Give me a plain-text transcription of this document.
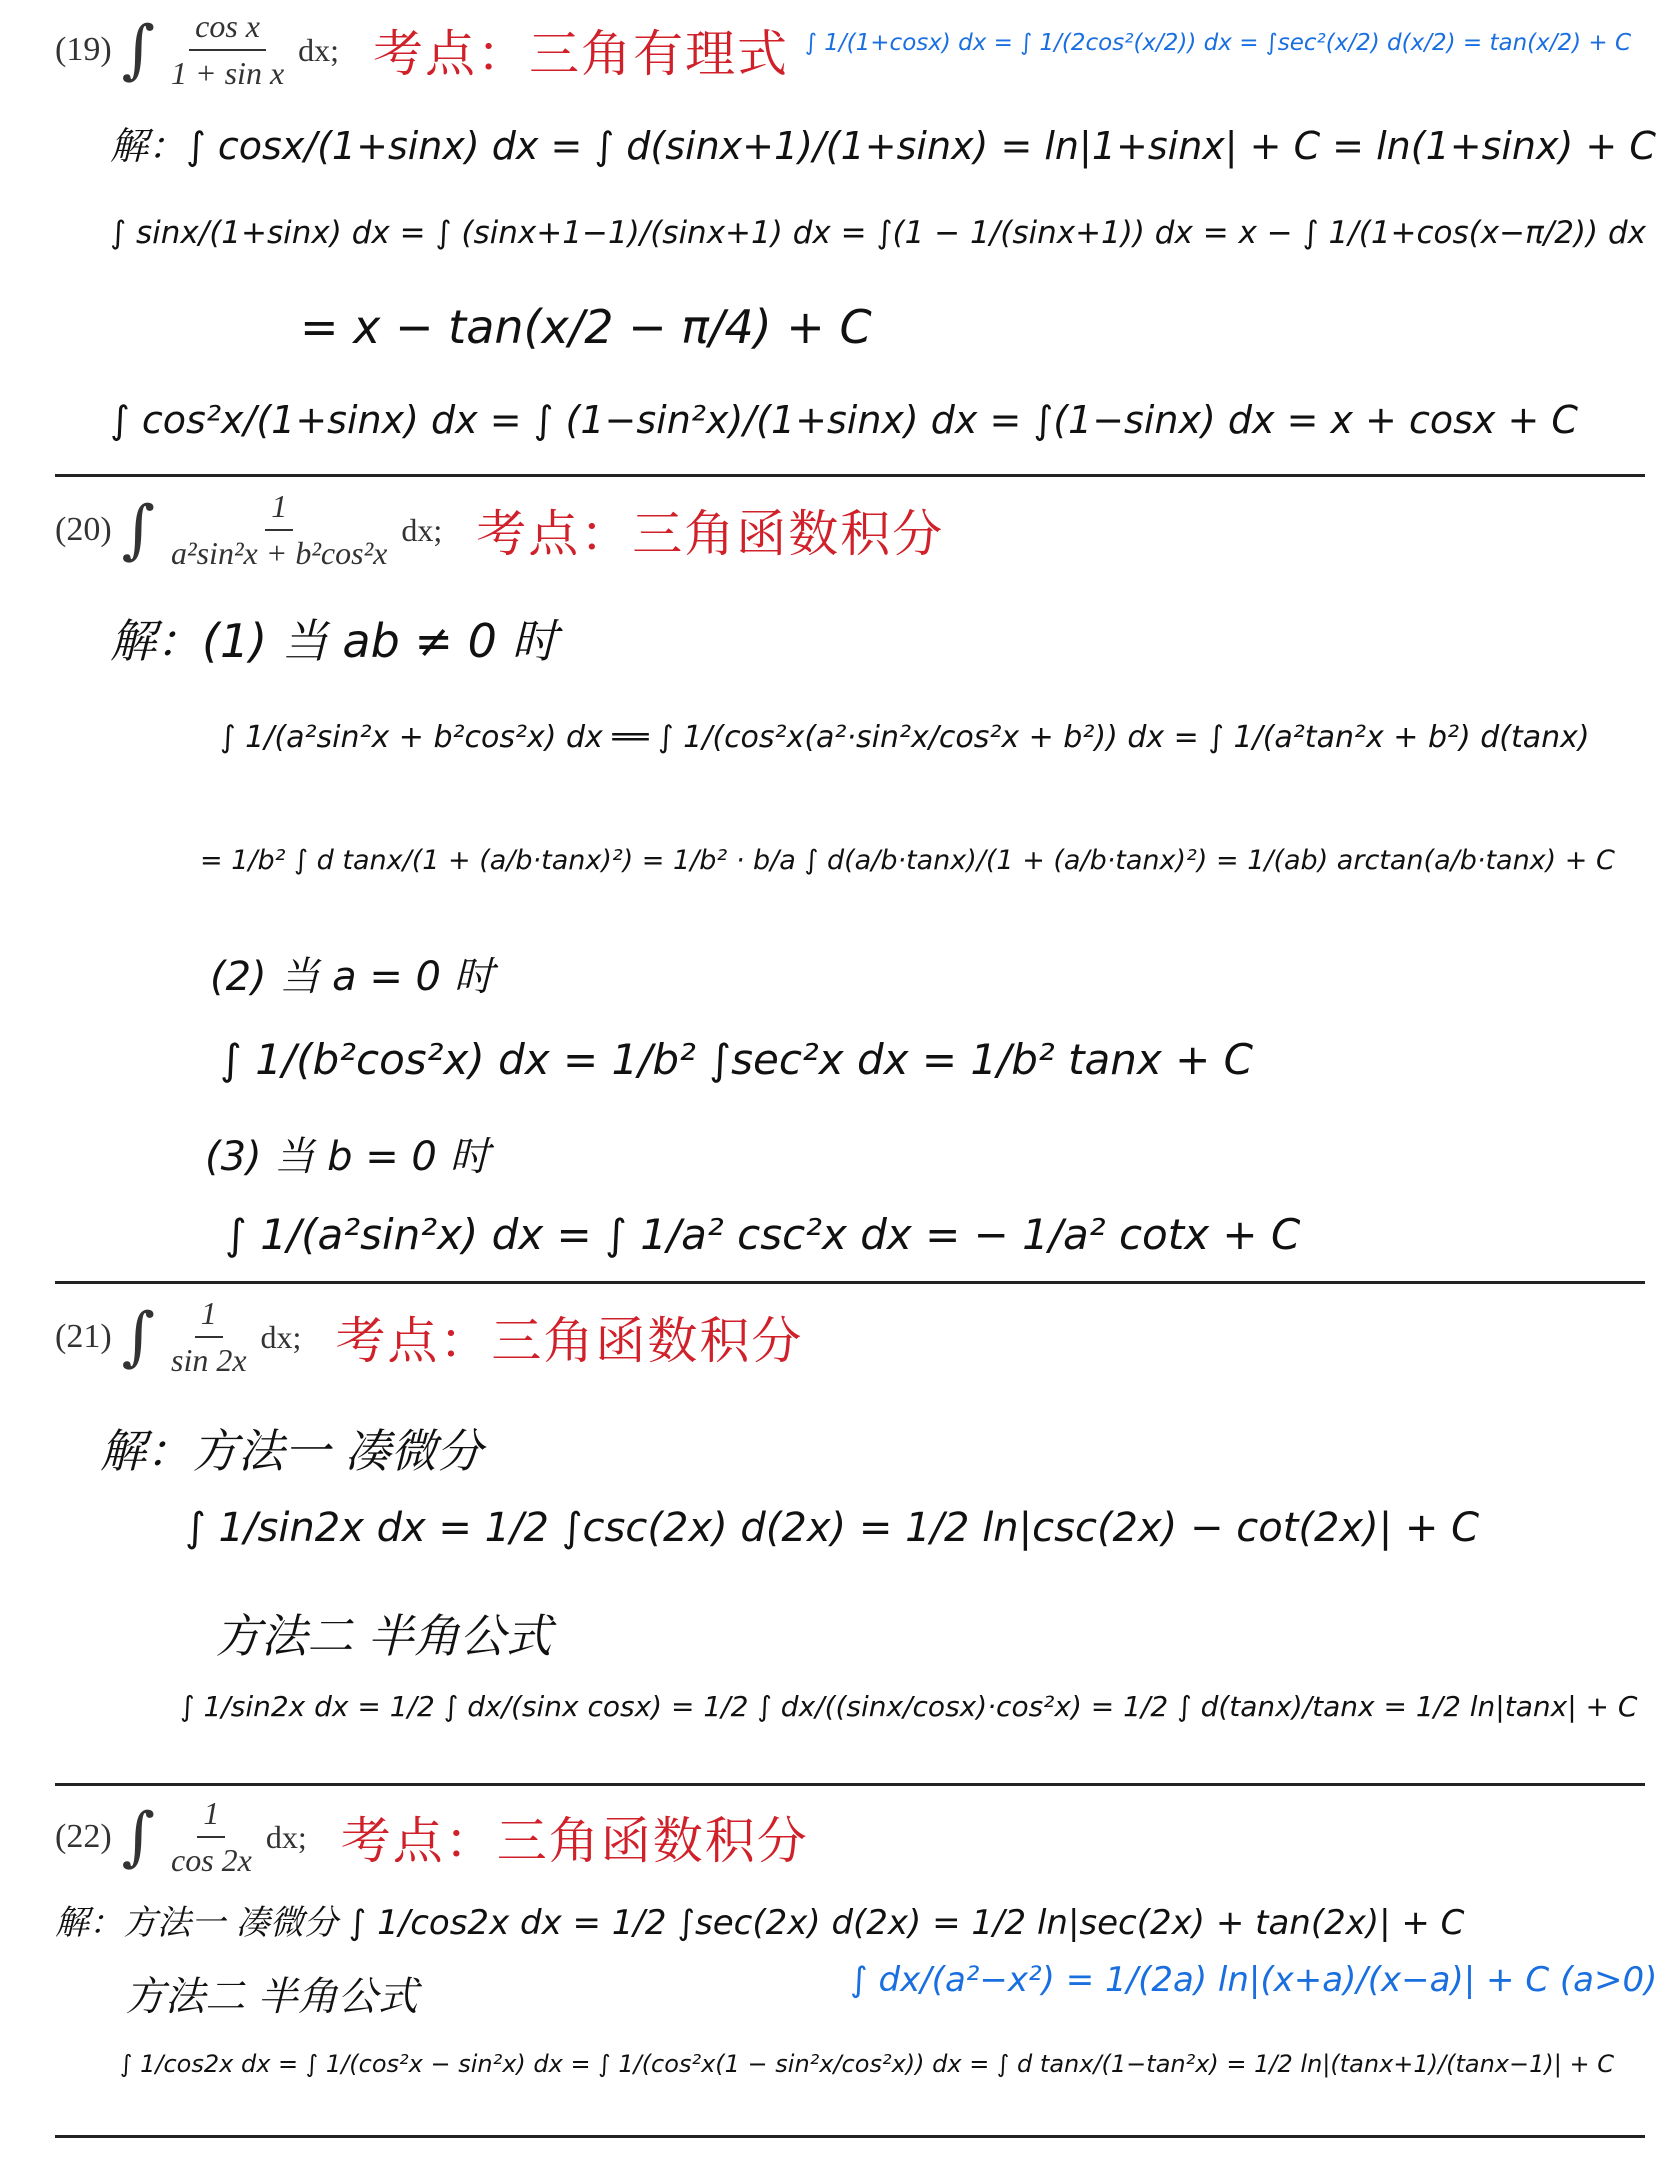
(19) ∫ $\frac{\text{cos x}}{\text{1 + sin x}}$ dx; 考点：三角有理式 ∫ 1/(1+cosx) dx = ∫ 1/(2cos²(x/2)) dx = ∫sec²(x/2) d(x/2) = tan(x/2) + C
解：∫ cosx/(1+sinx) dx = ∫ d(sinx+1)/(1+sinx) = ln|1+sinx| + C = ln(1+sinx) + C
∫ sinx/(1+sinx) dx = ∫ (sinx+1−1)/(sinx+1) dx = ∫(1 − 1/(sinx+1)) dx = x − ∫ 1/(1+cos(x−π/2)) dx
= x − tan(x/2 − π/4) + C
∫ cos²x/(1+sinx) dx = ∫ (1−sin²x)/(1+sinx) dx = ∫(1−sinx) dx = x + cosx + C
(20) ∫ $\frac{1}{\text{a²sin²x + b²cos²x}}$ dx; 考点：三角函数积分
解：(1) 当 ab ≠ 0 时
∫ 1/(a²sin²x + b²cos²x) dx ══ ∫ 1/(cos²x(a²·sin²x/cos²x + b²)) dx = ∫ 1/(a²tan²x + b²) d(tanx)
= 1/b² ∫ d tanx/(1 + (a/b·tanx)²) = 1/b² · b/a ∫ d(a/b·tanx)/(1 + (a/b·tanx)²) = 1/(ab) arctan(a/b·tanx) + C
(2) 当 a = 0 时
∫ 1/(b²cos²x) dx = 1/b² ∫sec²x dx = 1/b² tanx + C
(3) 当 b = 0 时
∫ 1/(a²sin²x) dx = ∫ 1/a² csc²x dx = − 1/a² cotx + C
(21) ∫ $\frac{1}{\sin 2x}$ dx; 考点：三角函数积分
解：方法一 凑微分
∫ 1/sin2x dx = 1/2 ∫csc(2x) d(2x) = 1/2 ln|csc(2x) − cot(2x)| + C
方法二 半角公式
∫ 1/sin2x dx = 1/2 ∫ dx/(sinx cosx) = 1/2 ∫ dx/((sinx/cosx)·cos²x) = 1/2 ∫ d(tanx)/tanx = 1/2 ln|tanx| + C
(22) ∫ $\frac{1}{\cos 2x}$ dx; 考点：三角函数积分
解：方法一 凑微分 ∫ 1/cos2x dx = 1/2 ∫sec(2x) d(2x) = 1/2 ln|sec(2x) + tan(2x)| + C
方法二 半角公式	∫ dx/(a²−x²) = 1/(2a) ln|(x+a)/(x−a)| + C (a>0)
∫ 1/cos2x dx = ∫ 1/(cos²x − sin²x) dx = ∫ 1/(cos²x(1 − sin²x/cos²x)) dx = ∫ d tanx/(1−tan²x) = 1/2 ln|(tanx+1)/(tanx−1)| + C
